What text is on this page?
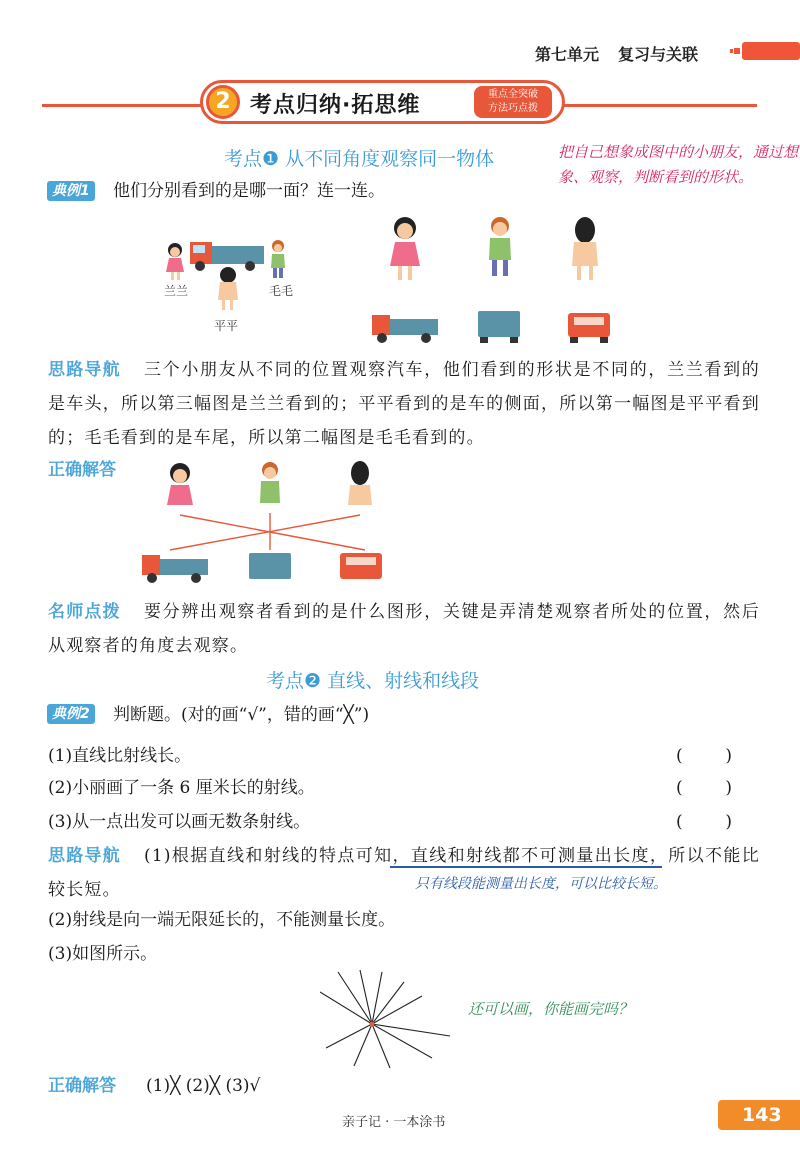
第七单元 复习与关联
2 考点归纳·拓思维	重点全突破
方法巧点拨
考点❶ 从不同角度观察同一物体
典例1 他们分别看到的是哪一面？连一连。
兰兰	毛毛
平平
把自己想象成图中的小朋友，通过想象、观察，判断看到的形状。
思路导航 三个小朋友从不同的位置观察汽车，他们看到的形状是不同的，兰兰看到的是车头，所以第三幅图是兰兰看到的；平平看到的是车的侧面，所以第一幅图是平平看到的；毛毛看到的是车尾，所以第二幅图是毛毛看到的。
正确解答
名师点拨 要分辨出观察者看到的是什么图形，关键是弄清楚观察者所处的位置，然后从观察者的角度去观察。
考点❷ 直线、射线和线段
典例2 判断题。(对的画“√”，错的画“╳”)
(1)直线比射线长。	(	)
(2)小丽画了一条 6 厘米长的射线。	(	)
(3)从一点出发可以画无数条射线。	(	)
思路导航 (1)根据直线和射线的特点可知，直线和射线都不可测量出长度，所以不能比较长短。	只有线段能测量出长度，可以比较长短。
(2)射线是向一端无限延长的，不能测量长度。
(3)如图所示。
还可以画，你能画完吗？
正确解答 (1)╳ (2)╳ (3)√
亲子记 · 一本涂书	143
